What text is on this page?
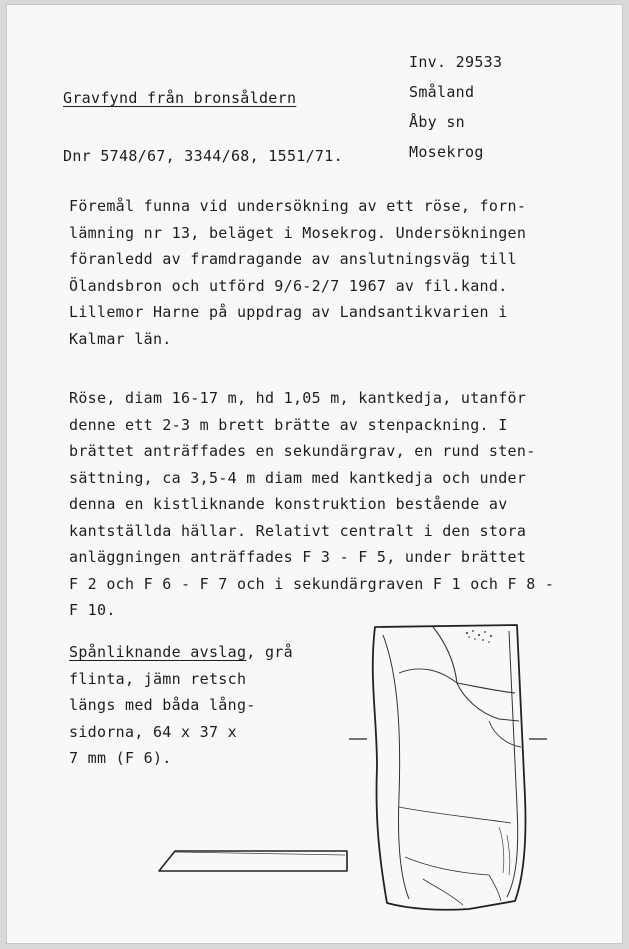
Inv. 29533
Småland
Åby sn
Mosekrog
Gravfynd från bronsåldern
Dnr 5748/67, 3344/68, 1551/71.
Föremål funna vid undersökning av ett röse, forn-
lämning nr 13, beläget i Mosekrog. Undersökningen
föranledd av framdragande av anslutningsväg till
Ölandsbron och utförd 9/6-2/7 1967 av fil.kand.
Lillemor Harne på uppdrag av Landsantikvarien i
Kalmar län.
Röse, diam 16-17 m, hd 1,05 m, kantkedja, utanför
denne ett 2-3 m brett brätte av stenpackning. I
brättet anträffades en sekundärgrav, en rund sten-
sättning, ca 3,5-4 m diam med kantkedja och under
denna en kistliknande konstruktion bestående av
kantställda hällar. Relativt centralt i den stora
anläggningen anträffades F 3 - F 5, under brättet
F 2 och F 6 - F 7 och i sekundärgraven F 1 och F 8 -
F 10.
Spånliknande avslag, grå
flinta, jämn retsch
längs med båda lång-
sidorna, 64 x 37 x
7 mm (F 6).
